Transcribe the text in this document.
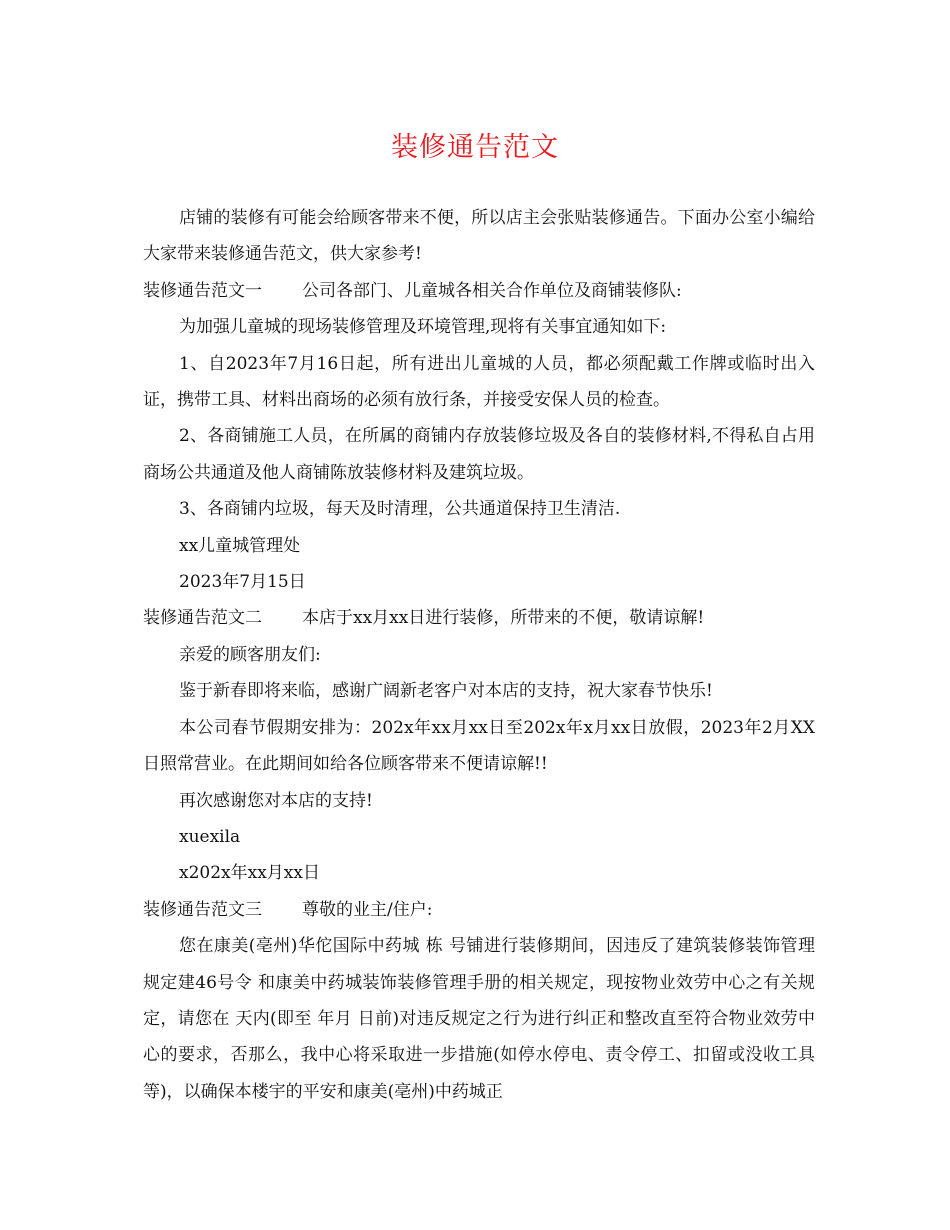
装修通告范文

店铺的装修有可能会给顾客带来不便，所以店主会张贴装修通告。下面办公室小编给大家带来装修通告范文，供大家参考!

装修通告范文一 公司各部门、儿童城各相关合作单位及商铺装修队:

为加强儿童城的现场装修管理及环境管理,现将有关事宜通知如下:

1、自2023年7月16日起，所有进出儿童城的人员，都必须配戴工作牌或临时出入证，携带工具、材料出商场的必须有放行条，并接受安保人员的检查。

2、各商铺施工人员，在所属的商铺内存放装修垃圾及各自的装修材料,不得私自占用商场公共通道及他人商铺陈放装修材料及建筑垃圾。

3、各商铺内垃圾，每天及时清理，公共通道保持卫生清洁.

xx儿童城管理处

2023年7月15日

装修通告范文二 本店于xx月xx日进行装修，所带来的不便，敬请谅解!

亲爱的顾客朋友们:

鉴于新春即将来临，感谢广阔新老客户对本店的支持，祝大家春节快乐!

本公司春节假期安排为：202x年xx月xx日至202x年x月xx日放假，2023年2月XX日照常营业。在此期间如给各位顾客带来不便请谅解!!

再次感谢您对本店的支持!

xuexila

x202x年xx月xx日

装修通告范文三 尊敬的业主/住户:

您在康美(亳州)华佗国际中药城 栋 号铺进行装修期间，因违反了建筑装修装饰管理规定建46号令 和康美中药城装饰装修管理手册的相关规定，现按物业效劳中心之有关规定，请您在 天内(即至 年月 日前)对违反规定之行为进行纠正和整改直至符合物业效劳中心的要求，否那么，我中心将采取进一步措施(如停水停电、责令停工、扣留或没收工具等)，以确保本楼宇的平安和康美(亳州)中药城正
